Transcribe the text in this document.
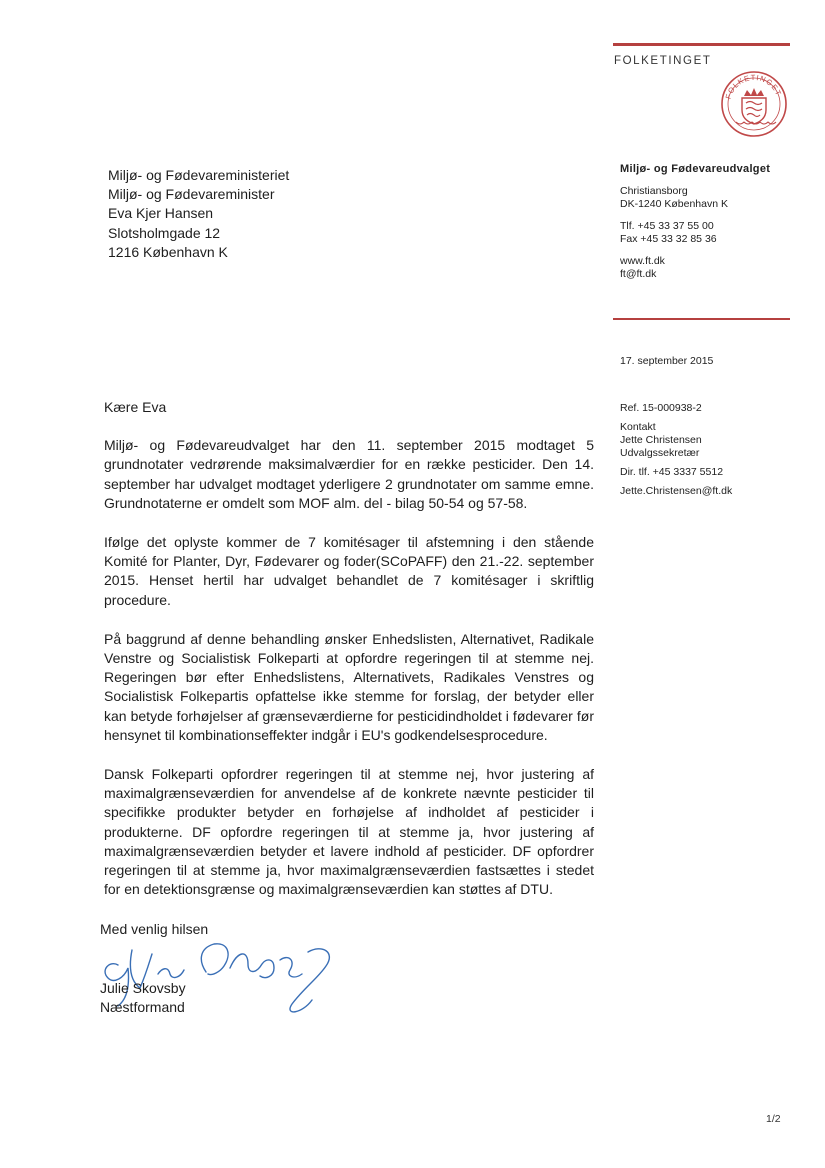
FOLKETINGET
FOLKETINGET
Miljø- og Fødevareministeriet
Miljø- og Fødevareminister
Eva Kjer Hansen
Slotsholmgade 12
1216 København K
Miljø- og Fødevareudvalget
Christiansborg
DK-1240 København K
Tlf. +45 33 37 55 00
Fax +45 33 32 85 36
www.ft.dk
ft@ft.dk
17. september 2015
Ref. 15-000938-2
Kontakt
Jette Christensen
Udvalgssekretær
Dir. tlf. +45 3337 5512
Jette.Christensen@ft.dk

Kære Eva

Miljø- og Fødevareudvalget har den 11. september 2015 modtaget 5 grundnotater vedrørende maksimalværdier for en række pesticider. Den 14. september har udvalget modtaget yderligere 2 grundnotater om samme emne. Grundnotaterne er omdelt som MOF alm. del - bilag 50-54 og 57-58.

Ifølge det oplyste kommer de 7 komitésager til afstemning i den stående Komité for Planter, Dyr, Fødevarer og foder(SCoPAFF) den 21.-22. september 2015. Henset hertil har udvalget behandlet de 7 komitésager i skriftlig procedure.

På baggrund af denne behandling ønsker Enhedslisten, Alternativet, Radikale Venstre og Socialistisk Folkeparti at opfordre regeringen til at stemme nej. Regeringen bør efter Enhedslistens, Alternativets, Radikales Venstres og Socialistisk Folkepartis opfattelse ikke stemme for forslag, der betyder eller kan betyde forhøjelser af grænseværdierne for pesticidindholdet i fødevarer før hensynet til kombinationseffekter indgår i EU's godkendelsesprocedure.

Dansk Folkeparti opfordrer regeringen til at stemme nej, hvor justering af maximalgrænseværdien for anvendelse af de konkrete nævnte pesticider til specifikke produkter betyder en forhøjelse af indholdet af pesticider i produkterne. DF opfordre regeringen til at stemme ja, hvor justering af maximalgrænseværdien betyder et lavere indhold af pesticider. DF opfordrer regeringen til at stemme ja, hvor maximalgrænseværdien fastsættes i stedet for en detektionsgrænse og maximalgrænseværdien kan støttes af DTU.

Med venlig hilsen
Julie Skovsby
Næstformand
1/2
